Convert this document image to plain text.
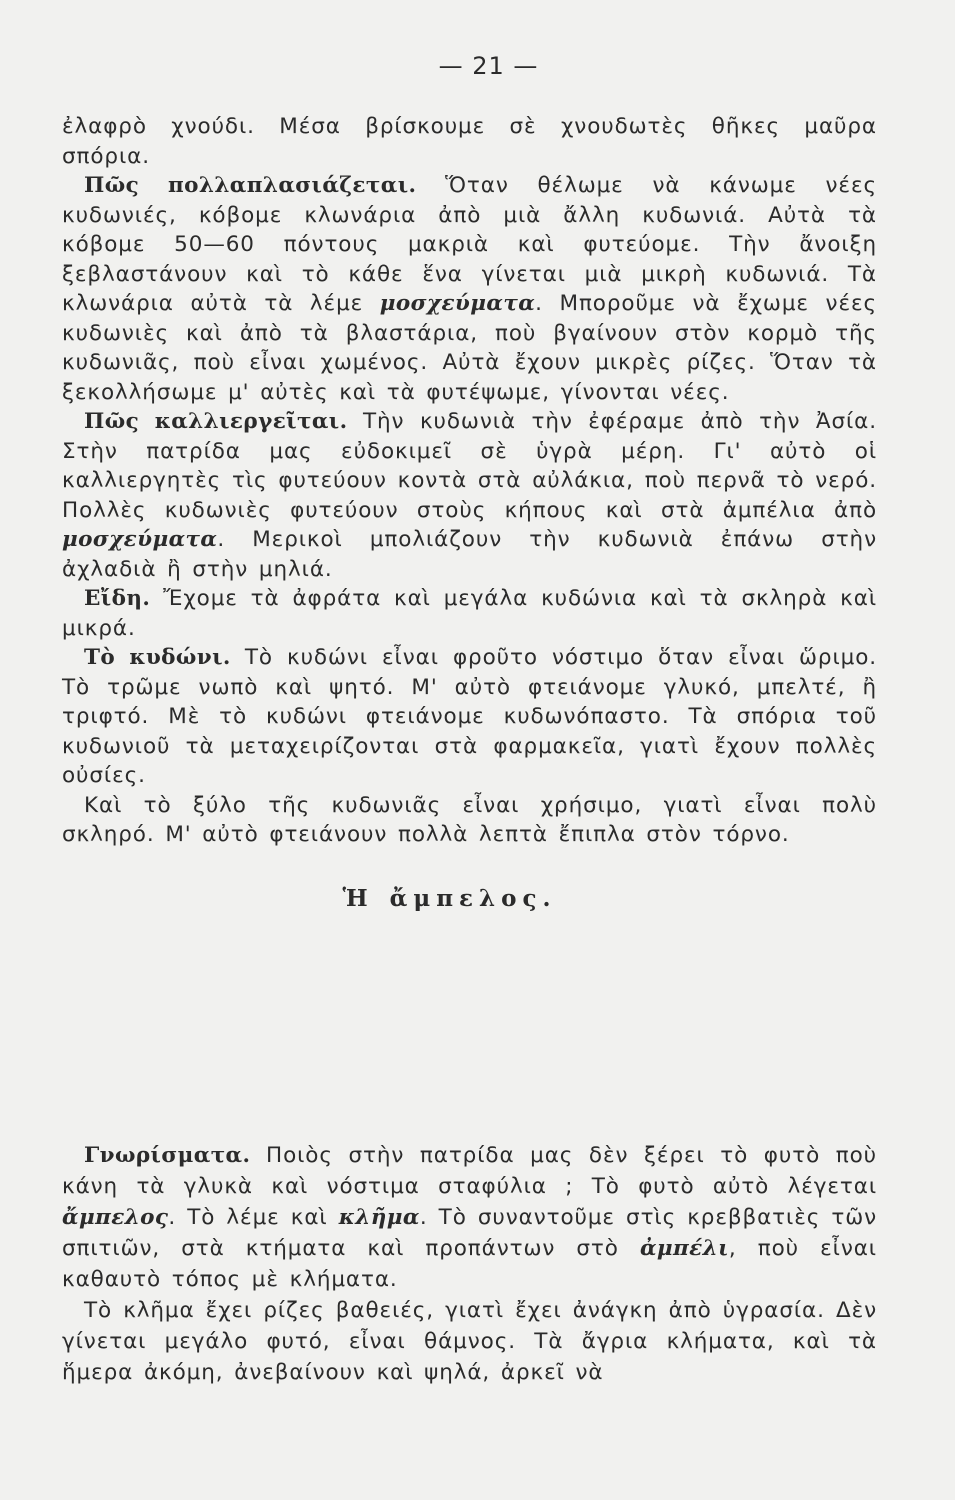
— 21 —

ἐλαφρὸ χνούδι. Μέσα βρίσκουμε σὲ χνουδωτὲς θῆκες μαῦρα σπόρια.

Πῶς πολλαπλασιάζεται. Ὅταν θέλωμε νὰ κάνωμε νέες κυδωνιές, κόβομε κλωνάρια ἀπὸ μιὰ ἄλλη κυδωνιά. Αὐτὰ τὰ κόβομε 50—60 πόντους μακριὰ καὶ φυτεύομε. Τὴν ἄνοιξη ξεβλαστάνουν καὶ τὸ κάθε ἕνα γίνεται μιὰ μικρὴ κυδωνιά. Τὰ κλωνάρια αὐτὰ τὰ λέμε μοσχεύματα. Μποροῦμε νὰ ἔχωμε νέες κυδωνιὲς καὶ ἀπὸ τὰ βλαστάρια, ποὺ βγαίνουν στὸν κορμὸ τῆς κυδωνιᾶς, ποὺ εἶναι χωμένος. Αὐτὰ ἔχουν μικρὲς ρίζες. Ὅταν τὰ ξεκολλήσωμε μ' αὐτὲς καὶ τὰ φυτέψωμε, γίνονται νέες.

Πῶς καλλιεργεῖται. Τὴν κυδωνιὰ τὴν ἐφέραμε ἀπὸ τὴν Ἀσία. Στὴν πατρίδα μας εὐδοκιμεῖ σὲ ὑγρὰ μέρη. Γι' αὐτὸ οἱ καλλιεργητὲς τὶς φυτεύουν κοντὰ στὰ αὐλάκια, ποὺ περνᾶ τὸ νερό. Πολλὲς κυδωνιὲς φυτεύουν στοὺς κήπους καὶ στὰ ἀμπέλια ἀπὸ μοσχεύματα. Μερικοὶ μπολιάζουν τὴν κυδωνιὰ ἐπάνω στὴν ἀχλαδιὰ ἢ στὴν μηλιά.

Εἴδη. Ἔχομε τὰ ἀφράτα καὶ μεγάλα κυδώνια καὶ τὰ σκληρὰ καὶ μικρά.

Τὸ κυδώνι. Τὸ κυδώνι εἶναι φροῦτο νόστιμο ὅταν εἶναι ὥριμο. Τὸ τρῶμε νωπὸ καὶ ψητό. Μ' αὐτὸ φτειάνομε γλυκό, μπελτέ, ἢ τριφτό. Μὲ τὸ κυδώνι φτειάνομε κυδωνόπαστο. Τὰ σπόρια τοῦ κυδωνιοῦ τὰ μεταχειρίζονται στὰ φαρμακεῖα, γιατὶ ἔχουν πολλὲς οὐσίες.

Καὶ τὸ ξύλο τῆς κυδωνιᾶς εἶναι χρήσιμο, γιατὶ εἶναι πολὺ σκληρό. Μ' αὐτὸ φτειάνουν πολλὰ λεπτὰ ἔπιπλα στὸν τόρνο.

Ἡ ἄμπελος.

Γνωρίσματα. Ποιὸς στὴν πατρίδα μας δὲν ξέρει τὸ φυτὸ ποὺ κάνη τὰ γλυκὰ καὶ νόστιμα σταφύλια ; Τὸ φυτὸ αὐτὸ λέγεται ἄμπελος. Τὸ λέμε καὶ κλῆμα. Τὸ συναντοῦμε στὶς κρεββατιὲς τῶν σπιτιῶν, στὰ κτήματα καὶ προπάντων στὸ ἀμπέλι, ποὺ εἶναι καθαυτὸ τόπος μὲ κλήματα.

Τὸ κλῆμα ἔχει ρίζες βαθειές, γιατὶ ἔχει ἀνάγκη ἀπὸ ὑγρασία. Δὲν γίνεται μεγάλο φυτό, εἶναι θάμνος. Τὰ ἄγρια κλήματα, καὶ τὰ ἥμερα ἀκόμη, ἀνεβαίνουν καὶ ψηλά, ἀρκεῖ νὰ
